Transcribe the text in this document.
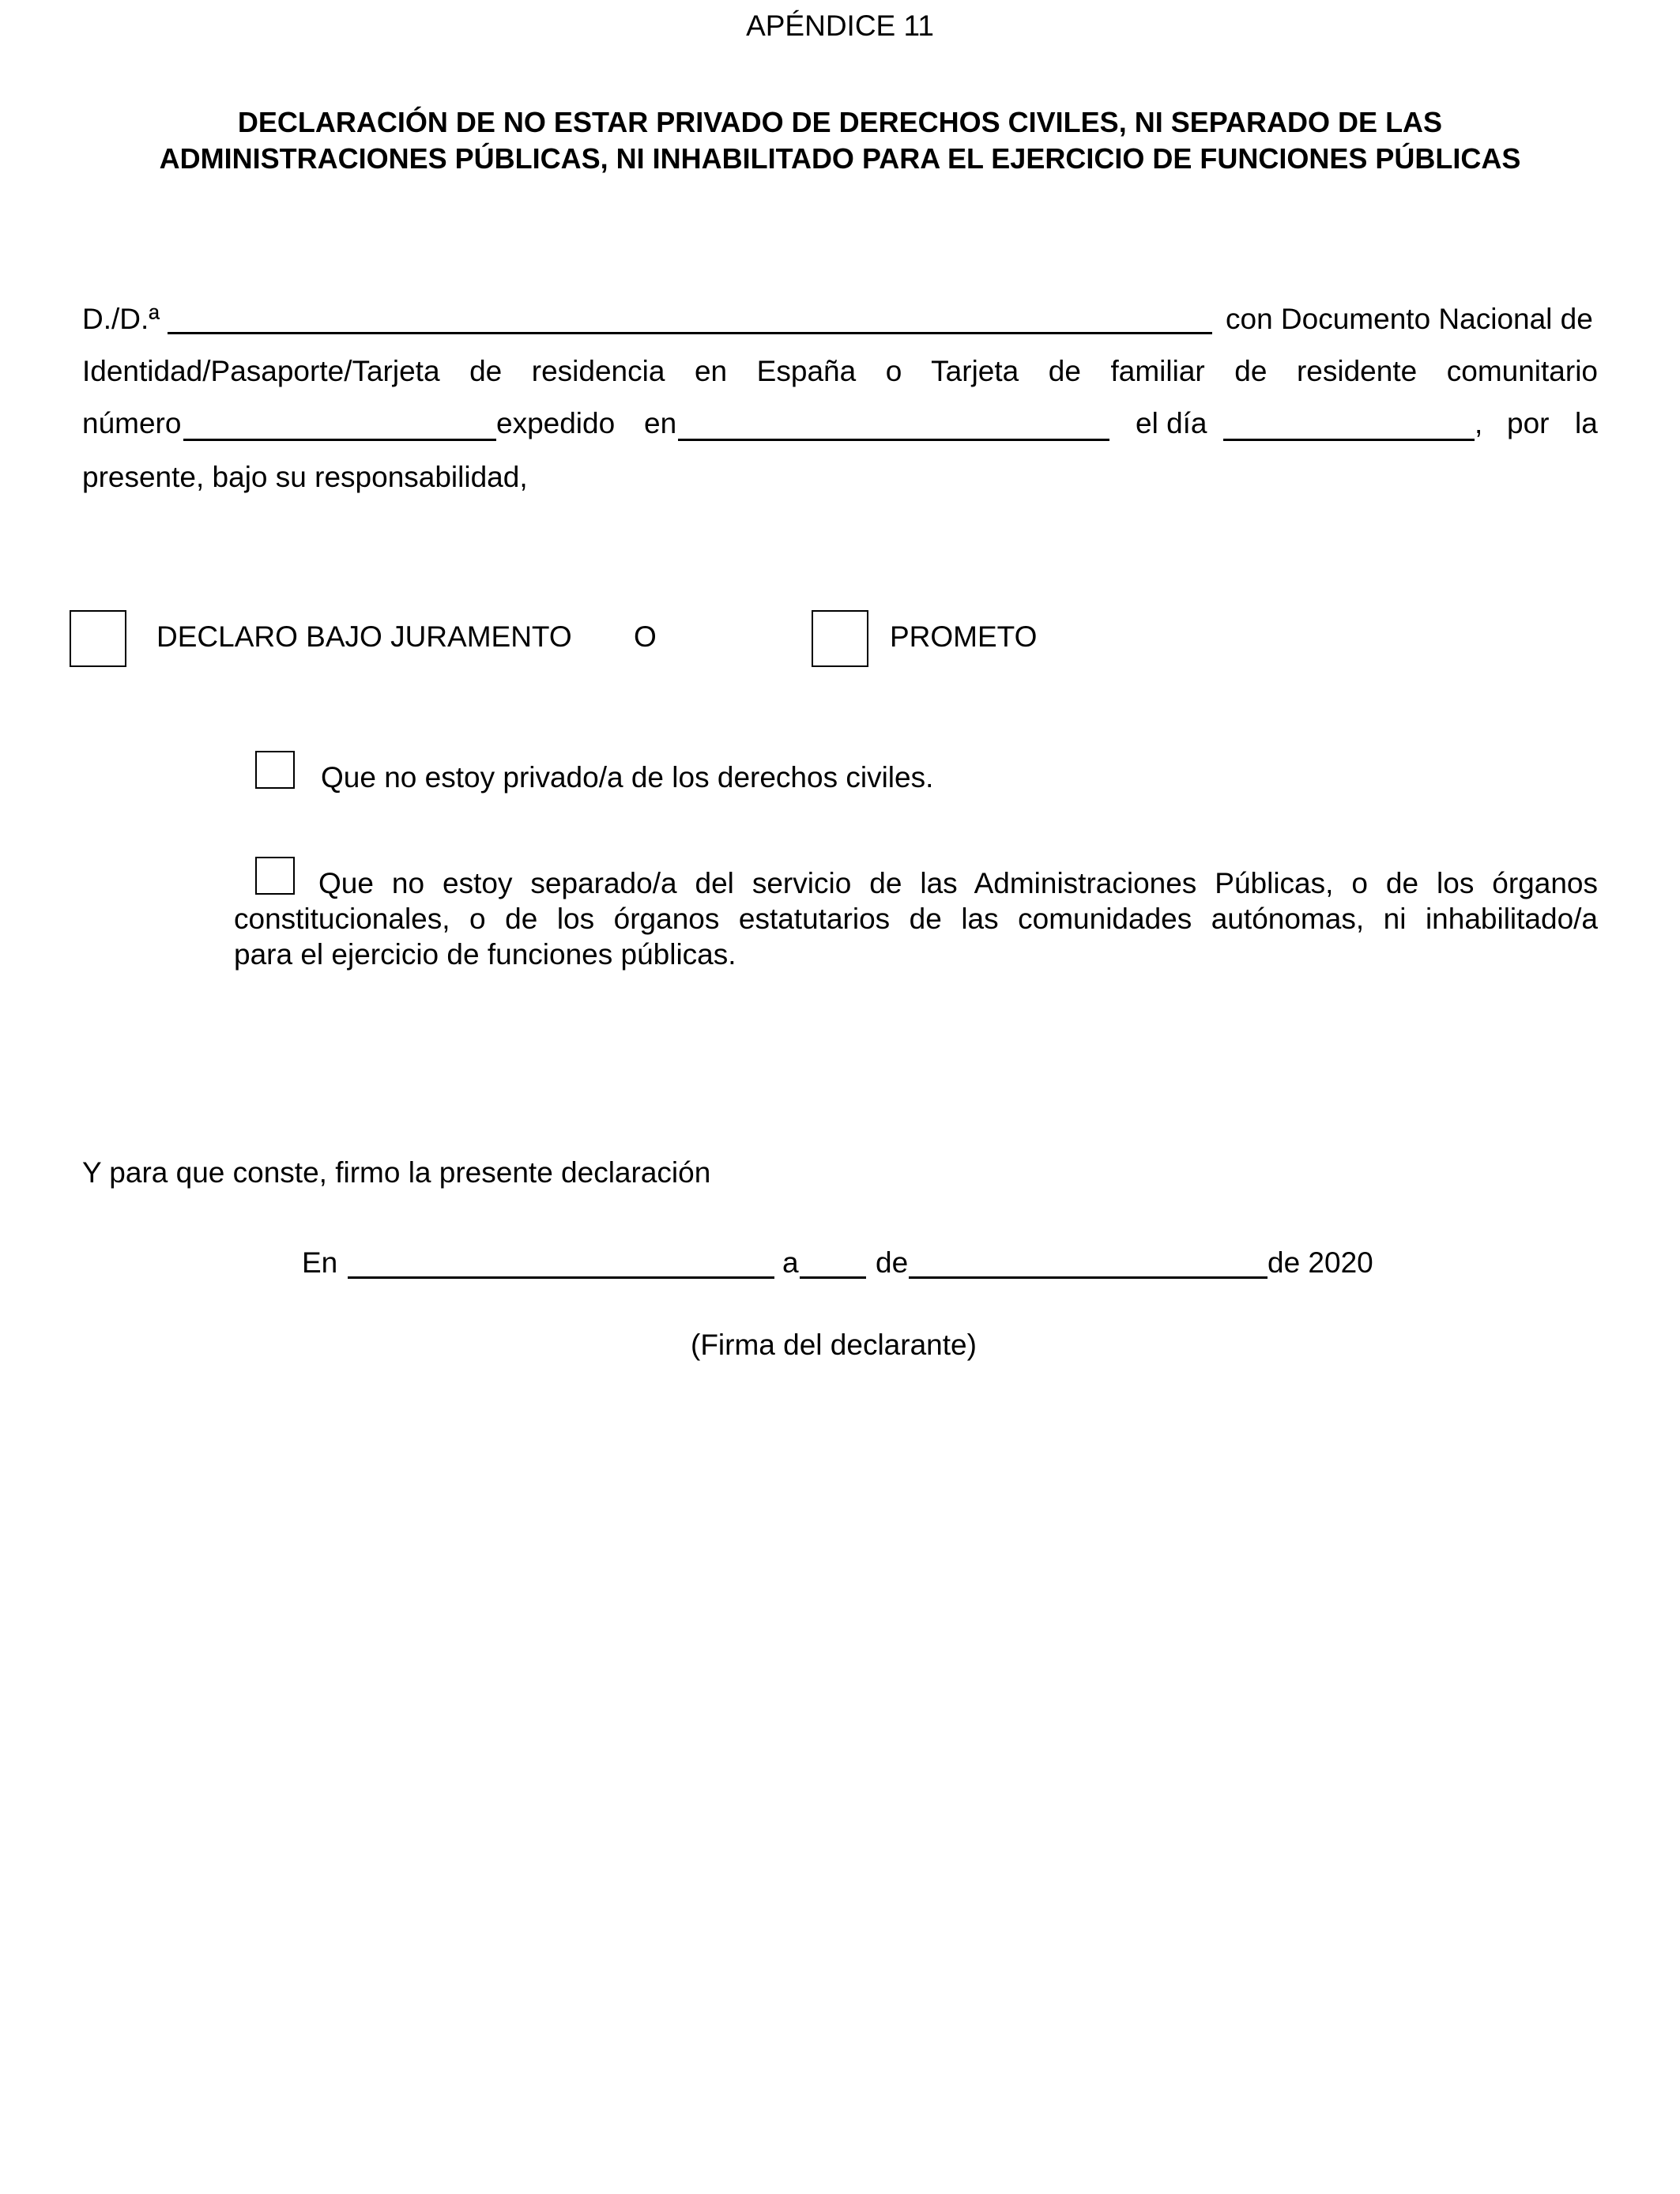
APÉNDICE 11
DECLARACIÓN DE NO ESTAR PRIVADO DE DERECHOS CIVILES, NI SEPARADO DE LAS
ADMINISTRACIONES PÚBLICAS, NI INHABILITADO PARA EL EJERCICIO DE FUNCIONES PÚBLICAS
D./D.ª	con Documento Nacional de
Identidad/Pasaporte/Tarjeta de residencia en España o Tarjeta de familiar de residente comunitario
número	expedido en	el día	, por la
presente, bajo su responsabilidad,
DECLARO BAJO JURAMENTO O	PROMETO
Que no estoy privado/a de los derechos civiles.
Que no estoy separado/a del servicio de las Administraciones Públicas, o de los órganos
constitucionales, o de los órganos estatutarios de las comunidades autónomas, ni inhabilitado/a
para el ejercicio de funciones públicas.
Y para que conste, firmo la presente declaración
En	a	de	de 2020
(Firma del declarante)
